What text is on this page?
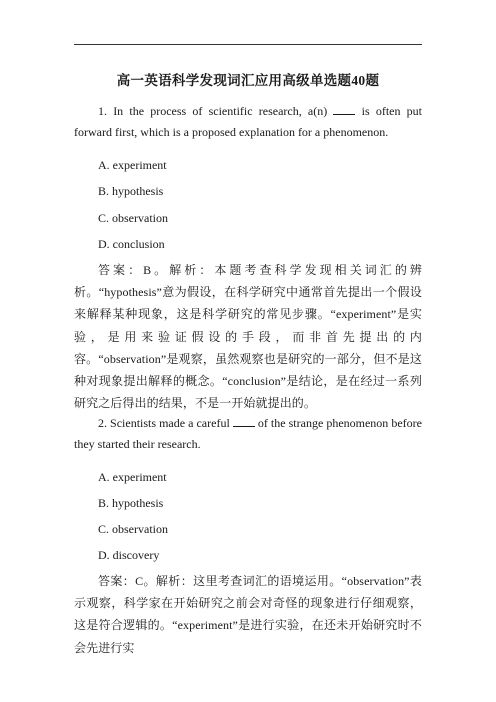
高一英语科学发现词汇应用高级单选题40题

1. In the process of scientific research, a(n)  is often put forward first, which is a proposed explanation for a phenomenon.

A. experiment
B. hypothesis
C. observation
D. conclusion

答案：B。解析：本题考查科学发现相关词汇的辨析。“hypothesis”意为假设，在科学研究中通常首先提出一个假设来解释某种现象，这是科学研究的常见步骤。“experiment”是实验，是用来验证假设的手段，而非首先提出的内容。“observation”是观察，虽然观察也是研究的一部分，但不是这种对现象提出解释的概念。“conclusion”是结论，是在经过一系列研究之后得出的结果，不是一开始就提出的。

2. Scientists made a careful  of the strange phenomenon before they started their research.

A. experiment
B. hypothesis
C. observation
D. discovery

答案：C。解析：这里考查词汇的语境运用。“observation”表示观察，科学家在开始研究之前会对奇怪的现象进行仔细观察，这是符合逻辑的。“experiment”是进行实验，在还未开始研究时不会先进行实
